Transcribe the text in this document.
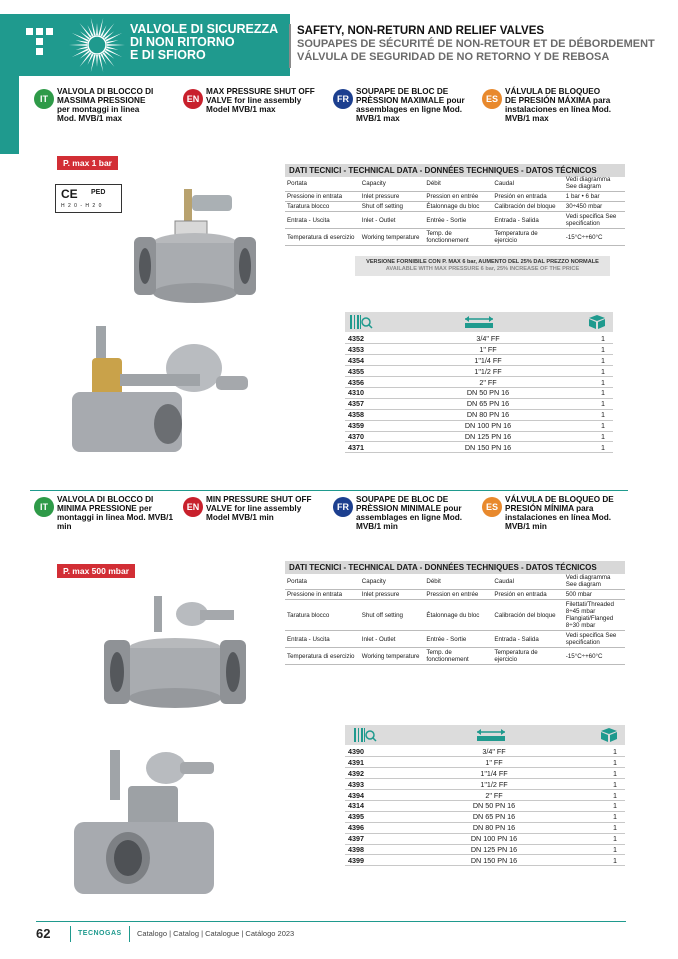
VALVOLE DI SICUREZZA
DI NON RITORNO
E DI SFIORO
SAFETY, NON-RETURN AND RELIEF VALVES
SOUPAPES DE SÉCURITÉ DE NON-RETOUR ET DE DÉBORDEMENT
VÁLVULA DE SEGURIDAD DE NO RETORNO Y DE REBOSA
IT
VALVOLA DI BLOCCO DI MASSIMA PRESSIONE per montaggi in linea Mod. MVB/1 max
EN
MAX PRESSURE SHUT OFF VALVE for line assembly Model MVB/1 max
FR
SOUPAPE DE BLOC DE PRÈSSION MAXIMALE pour assemblages en ligne Mod. MVB/1 max
ES
VÁLVULA DE BLOQUEO DE PRESIÓN MÁXIMA para instalaciones en línea Mod. MVB/1 max
P. max 1 bar
CE PED
H 2 0 - H 2 0
DATI TECNICI - TECHNICAL DATA - DONNÉES TECHNIQUES - DATOS TÉCNICOS
Portata	Capacity	Débit	Caudal	Vedi diagramma See diagram
Pressione in entrata	Inlet pressure	Pression en entrée	Presión en entrada	1 bar • 6 bar
Taratura blocco	Shut off setting	Étalonnage du bloc	Calibración del bloque	30÷450 mbar
Entrata - Uscita	Inlet - Outlet	Entrée - Sortie	Entrada - Salida	Vedi specifica See specification
Temperatura di esercizio	Working temperature	Temp. de fonctionnement	Temperatura de ejercicio	-15°C÷+60°C
VERSIONE FORNIBILE CON P. MAX 6 bar, AUMENTO DEL 25% DAL PREZZO NORMALE
AVAILABLE WITH MAX PRESSURE 6 bar, 25% INCREASE OF THE PRICE
4352	3/4" FF	1
4353	1" FF	1
4354	1"1/4 FF	1
4355	1"1/2 FF	1
4356	2" FF	1
4310	DN 50 PN 16	1
4357	DN 65 PN 16	1
4358	DN 80 PN 16	1
4359	DN 100 PN 16	1
4370	DN 125 PN 16	1
4371	DN 150 PN 16	1
IT
VALVOLA DI BLOCCO DI MINIMA PRESSIONE per montaggi in linea Mod. MVB/1 min
EN
MIN PRESSURE SHUT OFF VALVE for line assembly Model MVB/1 min
FR
SOUPAPE DE BLOC DE PRÈSSION MINIMALE pour assemblages en ligne Mod. MVB/1 min
ES
VÁLVULA DE BLOQUEO DE PRESIÓN MÍNIMA para instalaciones en línea Mod. MVB/1 min
P. max 500 mbar	DATI TECNICI - TECHNICAL DATA - DONNÉES TECHNIQUES - DATOS TÉCNICOS
Portata	Capacity	Débit	Caudal	Vedi diagramma See diagram
Pressione in entrata	Inlet pressure	Pression en entrée	Presión en entrada	500 mbar
Taratura blocco	Shut off setting	Étalonnage du bloc	Calibración del bloque	Filettati/Threaded 8÷45 mbar Flangiati/Flanged 8÷30 mbar
Entrata - Uscita	Inlet - Outlet	Entrée - Sortie	Entrada - Salida	Vedi specifica See specification
Temperatura di esercizio	Working temperature	Temp. de fonctionnement	Temperatura de ejercicio	-15°C÷+60°C
4390	3/4" FF	1
4391	1" FF	1
4392	1"1/4 FF	1
4393	1"1/2 FF	1
4394	2" FF	1
4314	DN 50 PN 16	1
4395	DN 65 PN 16	1
4396	DN 80 PN 16	1
4397	DN 100 PN 16	1
4398	DN 125 PN 16	1
4399	DN 150 PN 16	1
62	TECNOGAS Catalogo | Catalog | Catalogue | Catálogo 2023
